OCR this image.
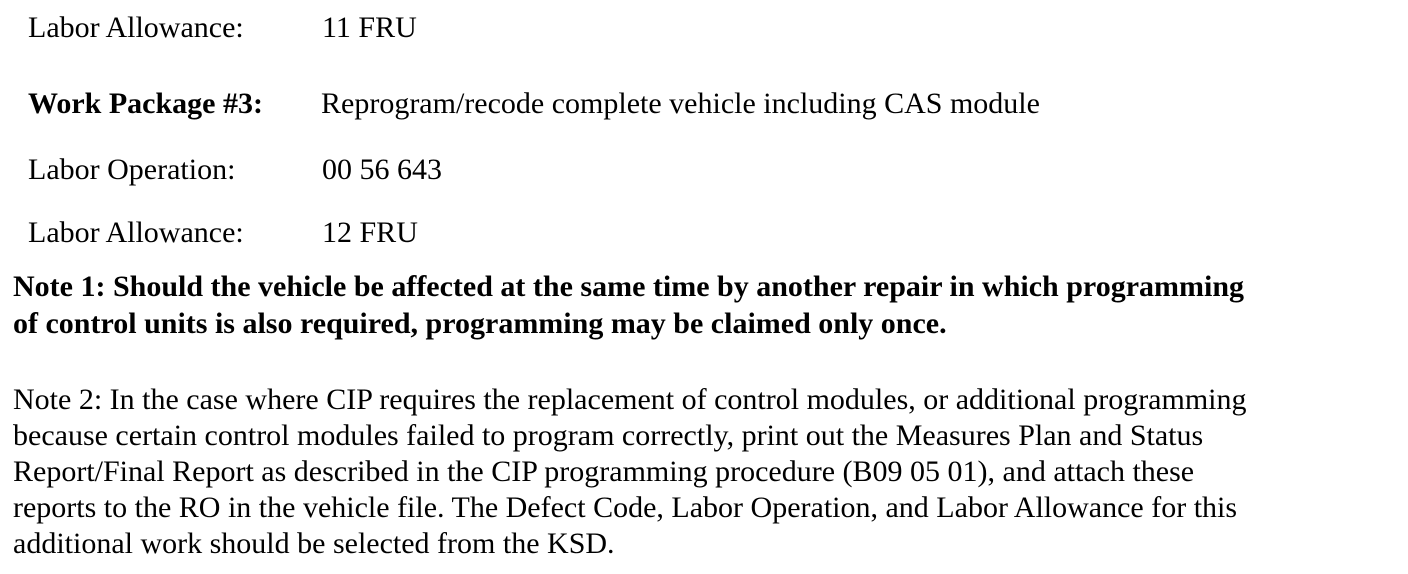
Labor Allowance:	11 FRU
Work Package #3: Reprogram/recode complete vehicle including CAS module
Labor Operation:	00 56 643
Labor Allowance:	12 FRU
Note 1: Should the vehicle be affected at the same time by another repair in which programming
of control units is also required, programming may be claimed only once.
Note 2: In the case where CIP requires the replacement of control modules, or additional programming
because certain control modules failed to program correctly, print out the Measures Plan and Status
Report/Final Report as described in the CIP programming procedure (B09 05 01), and attach these
reports to the RO in the vehicle file. The Defect Code, Labor Operation, and Labor Allowance for this
additional work should be selected from the KSD.
